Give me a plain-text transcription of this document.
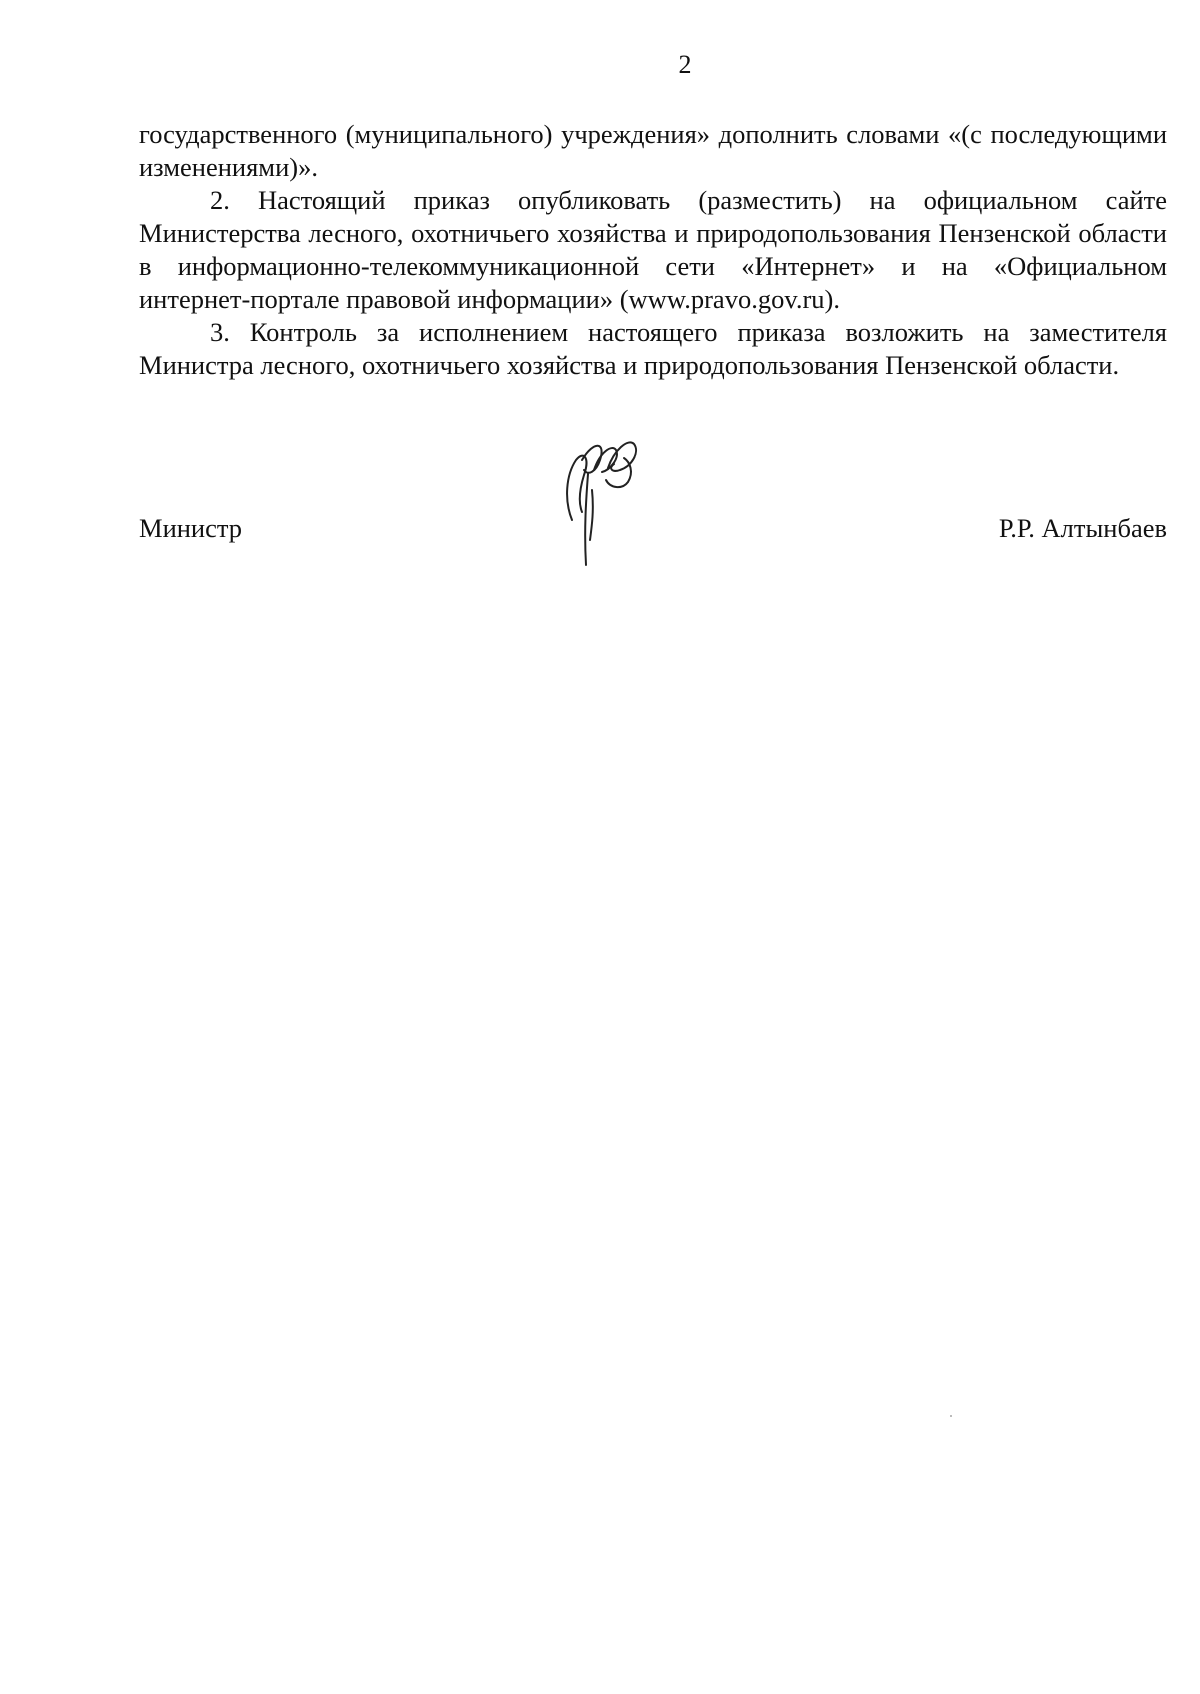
2

государственного (муниципального) учреждения» дополнить словами «(с последующими изменениями)».

2. Настоящий приказ опубликовать (разместить) на официальном сайте Министерства лесного, охотничьего хозяйства и природопользования Пензенской области в информационно-телекоммуникационной сети «Интернет» и на «Официальном интернет-портале правовой информации» (www.pravo.gov.ru).

3. Контроль за исполнением настоящего приказа возложить на заместителя Министра лесного, охотничьего хозяйства и природопользования Пензенской области.

Министр	Р.Р. Алтынбаев
